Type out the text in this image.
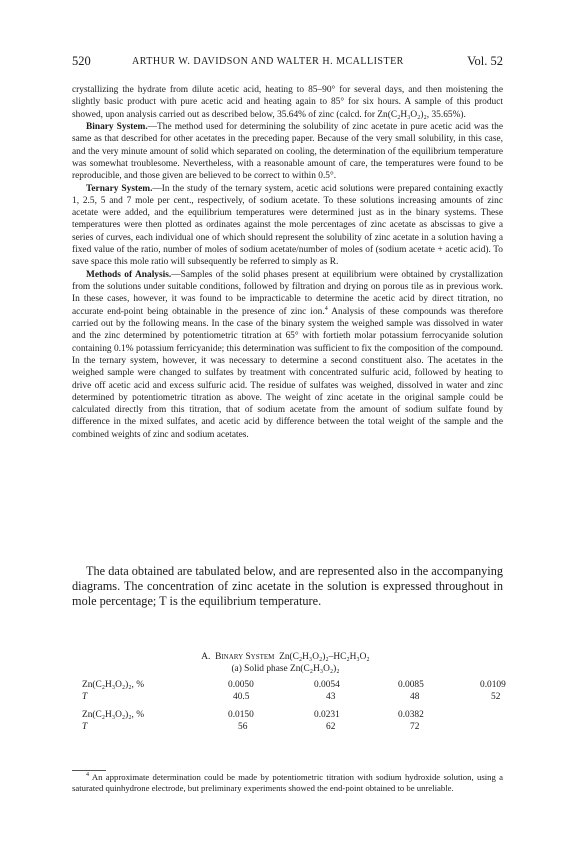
520	ARTHUR W. DAVIDSON AND WALTER H. MCALLISTER	Vol. 52

crystallizing the hydrate from dilute acetic acid, heating to 85–90° for several days, and then moistening the slightly basic product with pure acetic acid and heating again to 85° for six hours. A sample of this product showed, upon analysis carried out as described below, 35.64% of zinc (calcd. for Zn(C₂H₃O₂)₂, 35.65%).

Binary System.—The method used for determining the solubility of zinc acetate in pure acetic acid was the same as that described for other acetates in the preceding paper. Because of the very small solubility, in this case, and the very minute amount of solid which separated on cooling, the determination of the equilibrium temperature was somewhat troublesome. Nevertheless, with a reasonable amount of care, the temperatures were found to be reproducible, and those given are believed to be correct to within 0.5°.

Ternary System.—In the study of the ternary system, acetic acid solutions were prepared containing exactly 1, 2.5, 5 and 7 mole per cent., respectively, of sodium acetate. To these solutions increasing amounts of zinc acetate were added, and the equilibrium temperatures were determined just as in the binary systems. These temperatures were then plotted as ordinates against the mole percentages of zinc acetate as abscissas to give a series of curves, each individual one of which should represent the solubility of zinc acetate in a solution having a fixed value of the ratio, number of moles of sodium acetate/number of moles of (sodium acetate + acetic acid). To save space this mole ratio will subsequently be referred to simply as R.

Methods of Analysis.—Samples of the solid phases present at equilibrium were obtained by crystallization from the solutions under suitable conditions, followed by filtration and drying on porous tile as in previous work. In these cases, however, it was found to be impracticable to determine the acetic acid by direct titration, no accurate end-point being obtainable in the presence of zinc ion.$^4$ Analysis of these compounds was therefore carried out by the following means. In the case of the binary system the weighed sample was dissolved in water and the zinc determined by potentiometric titration at 65° with fortieth molar potassium ferrocyanide solution containing 0.1% potassium ferricyanide; this determination was sufficient to fix the composition of the compound. In the ternary system, however, it was necessary to determine a second constituent also. The acetates in the weighed sample were changed to sulfates by treatment with concentrated sulfuric acid, followed by heating to drive off acetic acid and excess sulfuric acid. The residue of sulfates was weighed, dissolved in water and zinc determined by potentiometric titration as above. The weight of zinc acetate in the original sample could be calculated directly from this titration, that of sodium acetate from the amount of sodium sulfate found by difference in the mixed sulfates, and acetic acid by difference between the total weight of the sample and the combined weights of zinc and sodium acetates.

The data obtained are tabulated below, and are represented also in the accompanying diagrams. The concentration of zinc acetate in the solution is expressed throughout in mole percentage; T is the equilibrium temperature.

A. Binary System Zn(C₂H₃O₂)₂–HC₂H₃O₂
(a) Solid phase Zn(C₂H₃O₂)₂
Zn(C₂H₃O₂)₂, %	0.0050	0.0054	0.0085	0.0109
T	40.5	43	48	52
Zn(C₂H₃O₂)₂, %	0.0150	0.0231	0.0382
T	56	62	72

$^4$ An approximate determination could be made by potentiometric titration with sodium hydroxide solution, using a saturated quinhydrone electrode, but preliminary experiments showed the end-point obtained to be unreliable.
